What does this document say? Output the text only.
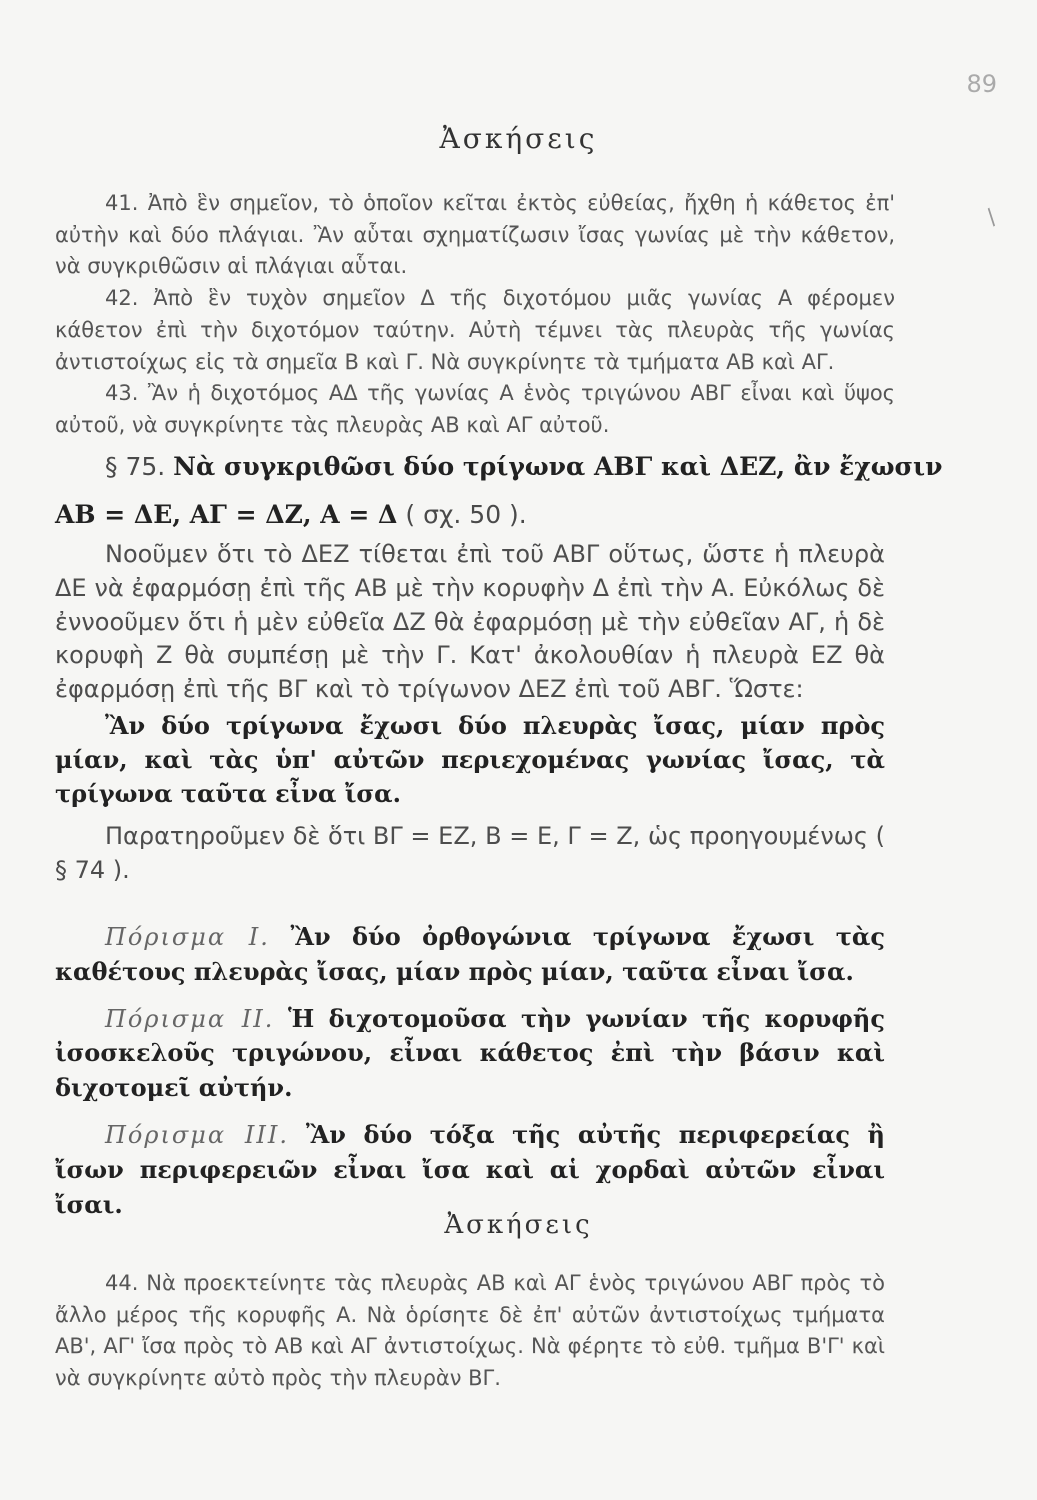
89
/
Ἀσκήσεις

41. Ἀπὸ ἓν σημεῖον, τὸ ὁποῖον κεῖται ἐκτὸς εὐθείας, ἤχθη ἡ κάθετος ἐπ' αὐτὴν καὶ δύο πλάγιαι. Ἂν αὗται σχηματίζωσιν ἴσας γωνίας μὲ τὴν κάθετον, νὰ συγκριθῶσιν αἱ πλάγιαι αὗται.

42. Ἀπὸ ἓν τυχὸν σημεῖον Δ τῆς διχοτόμου μιᾶς γωνίας Α φέρομεν κάθετον ἐπὶ τὴν διχοτόμον ταύτην. Αὐτὴ τέμνει τὰς πλευρὰς τῆς γωνίας ἀντιστοίχως εἰς τὰ σημεῖα Β καὶ Γ. Νὰ συγκρίνητε τὰ τμήματα ΑΒ καὶ ΑΓ.

43. Ἂν ἡ διχοτόμος ΑΔ τῆς γωνίας Α ἑνὸς τριγώνου ΑΒΓ εἶναι καὶ ὕψος αὐτοῦ, νὰ συγκρίνητε τὰς πλευρὰς ΑΒ καὶ ΑΓ αὐτοῦ.

§ 75. Νὰ συγκριθῶσι δύο τρίγωνα ΑΒΓ καὶ ΔΕΖ, ἂν ἔχωσιν
ΑΒ = ΔΕ, ΑΓ = ΔΖ, Α = Δ ( σχ. 50 ).
Νοοῦμεν ὅτι τὸ ΔΕΖ τίθεται ἐπὶ τοῦ ΑΒΓ οὕτως, ὥστε ἡ πλευρὰ ΔΕ νὰ ἐφαρμόσῃ ἐπὶ τῆς ΑΒ μὲ τὴν κορυφὴν Δ ἐπὶ τὴν Α. Εὐκόλως δὲ ἐννοοῦμεν ὅτι ἡ μὲν εὐθεῖα ΔΖ θὰ ἐφαρμόσῃ μὲ τὴν εὐθεῖαν ΑΓ, ἡ δὲ κορυφὴ Ζ θὰ συμπέσῃ μὲ τὴν Γ. Κατ' ἀκολουθίαν ἡ πλευρὰ ΕΖ θὰ ἐφαρμόσῃ ἐπὶ τῆς ΒΓ καὶ τὸ τρίγωνον ΔΕΖ ἐπὶ τοῦ ΑΒΓ. Ὥστε:
Ἂν δύο τρίγωνα ἔχωσι δύο πλευρὰς ἴσας, μίαν πρὸς μίαν, καὶ τὰς ὑπ' αὐτῶν περιεχομένας γωνίας ἴσας, τὰ τρίγωνα ταῦτα εἶνα ἴσα.
Παρατηροῦμεν δὲ ὅτι ΒΓ = ΕΖ, Β = Ε, Γ = Ζ, ὡς προηγουμένως ( § 74 ).
Πόρισμα Ι. Ἂν δύο ὀρθογώνια τρίγωνα ἔχωσι τὰς καθέτους πλευρὰς ἴσας, μίαν πρὸς μίαν, ταῦτα εἶναι ἴσα.
Πόρισμα ΙΙ. Ἡ διχοτομοῦσα τὴν γωνίαν τῆς κορυφῆς ἰσοσκελοῦς τριγώνου, εἶναι κάθετος ἐπὶ τὴν βάσιν καὶ διχοτομεῖ αὐτήν.
Πόρισμα ΙΙΙ. Ἂν δύο τόξα τῆς αὐτῆς περιφερείας ἢ ἴσων περιφερειῶν εἶναι ἴσα καὶ αἱ χορδαὶ αὐτῶν εἶναι ἴσαι.
Ἀσκήσεις

44. Νὰ προεκτείνητε τὰς πλευρὰς ΑΒ καὶ ΑΓ ἑνὸς τριγώνου ΑΒΓ πρὸς τὸ ἄλλο μέρος τῆς κορυφῆς Α. Νὰ ὁρίσητε δὲ ἐπ' αὐτῶν ἀντιστοίχως τμήματα ΑΒ', ΑΓ' ἴσα πρὸς τὸ ΑΒ καὶ ΑΓ ἀντιστοίχως. Νὰ φέρητε τὸ εὐθ. τμῆμα Β'Γ' καὶ νὰ συγκρίνητε αὐτὸ πρὸς τὴν πλευρὰν ΒΓ.
